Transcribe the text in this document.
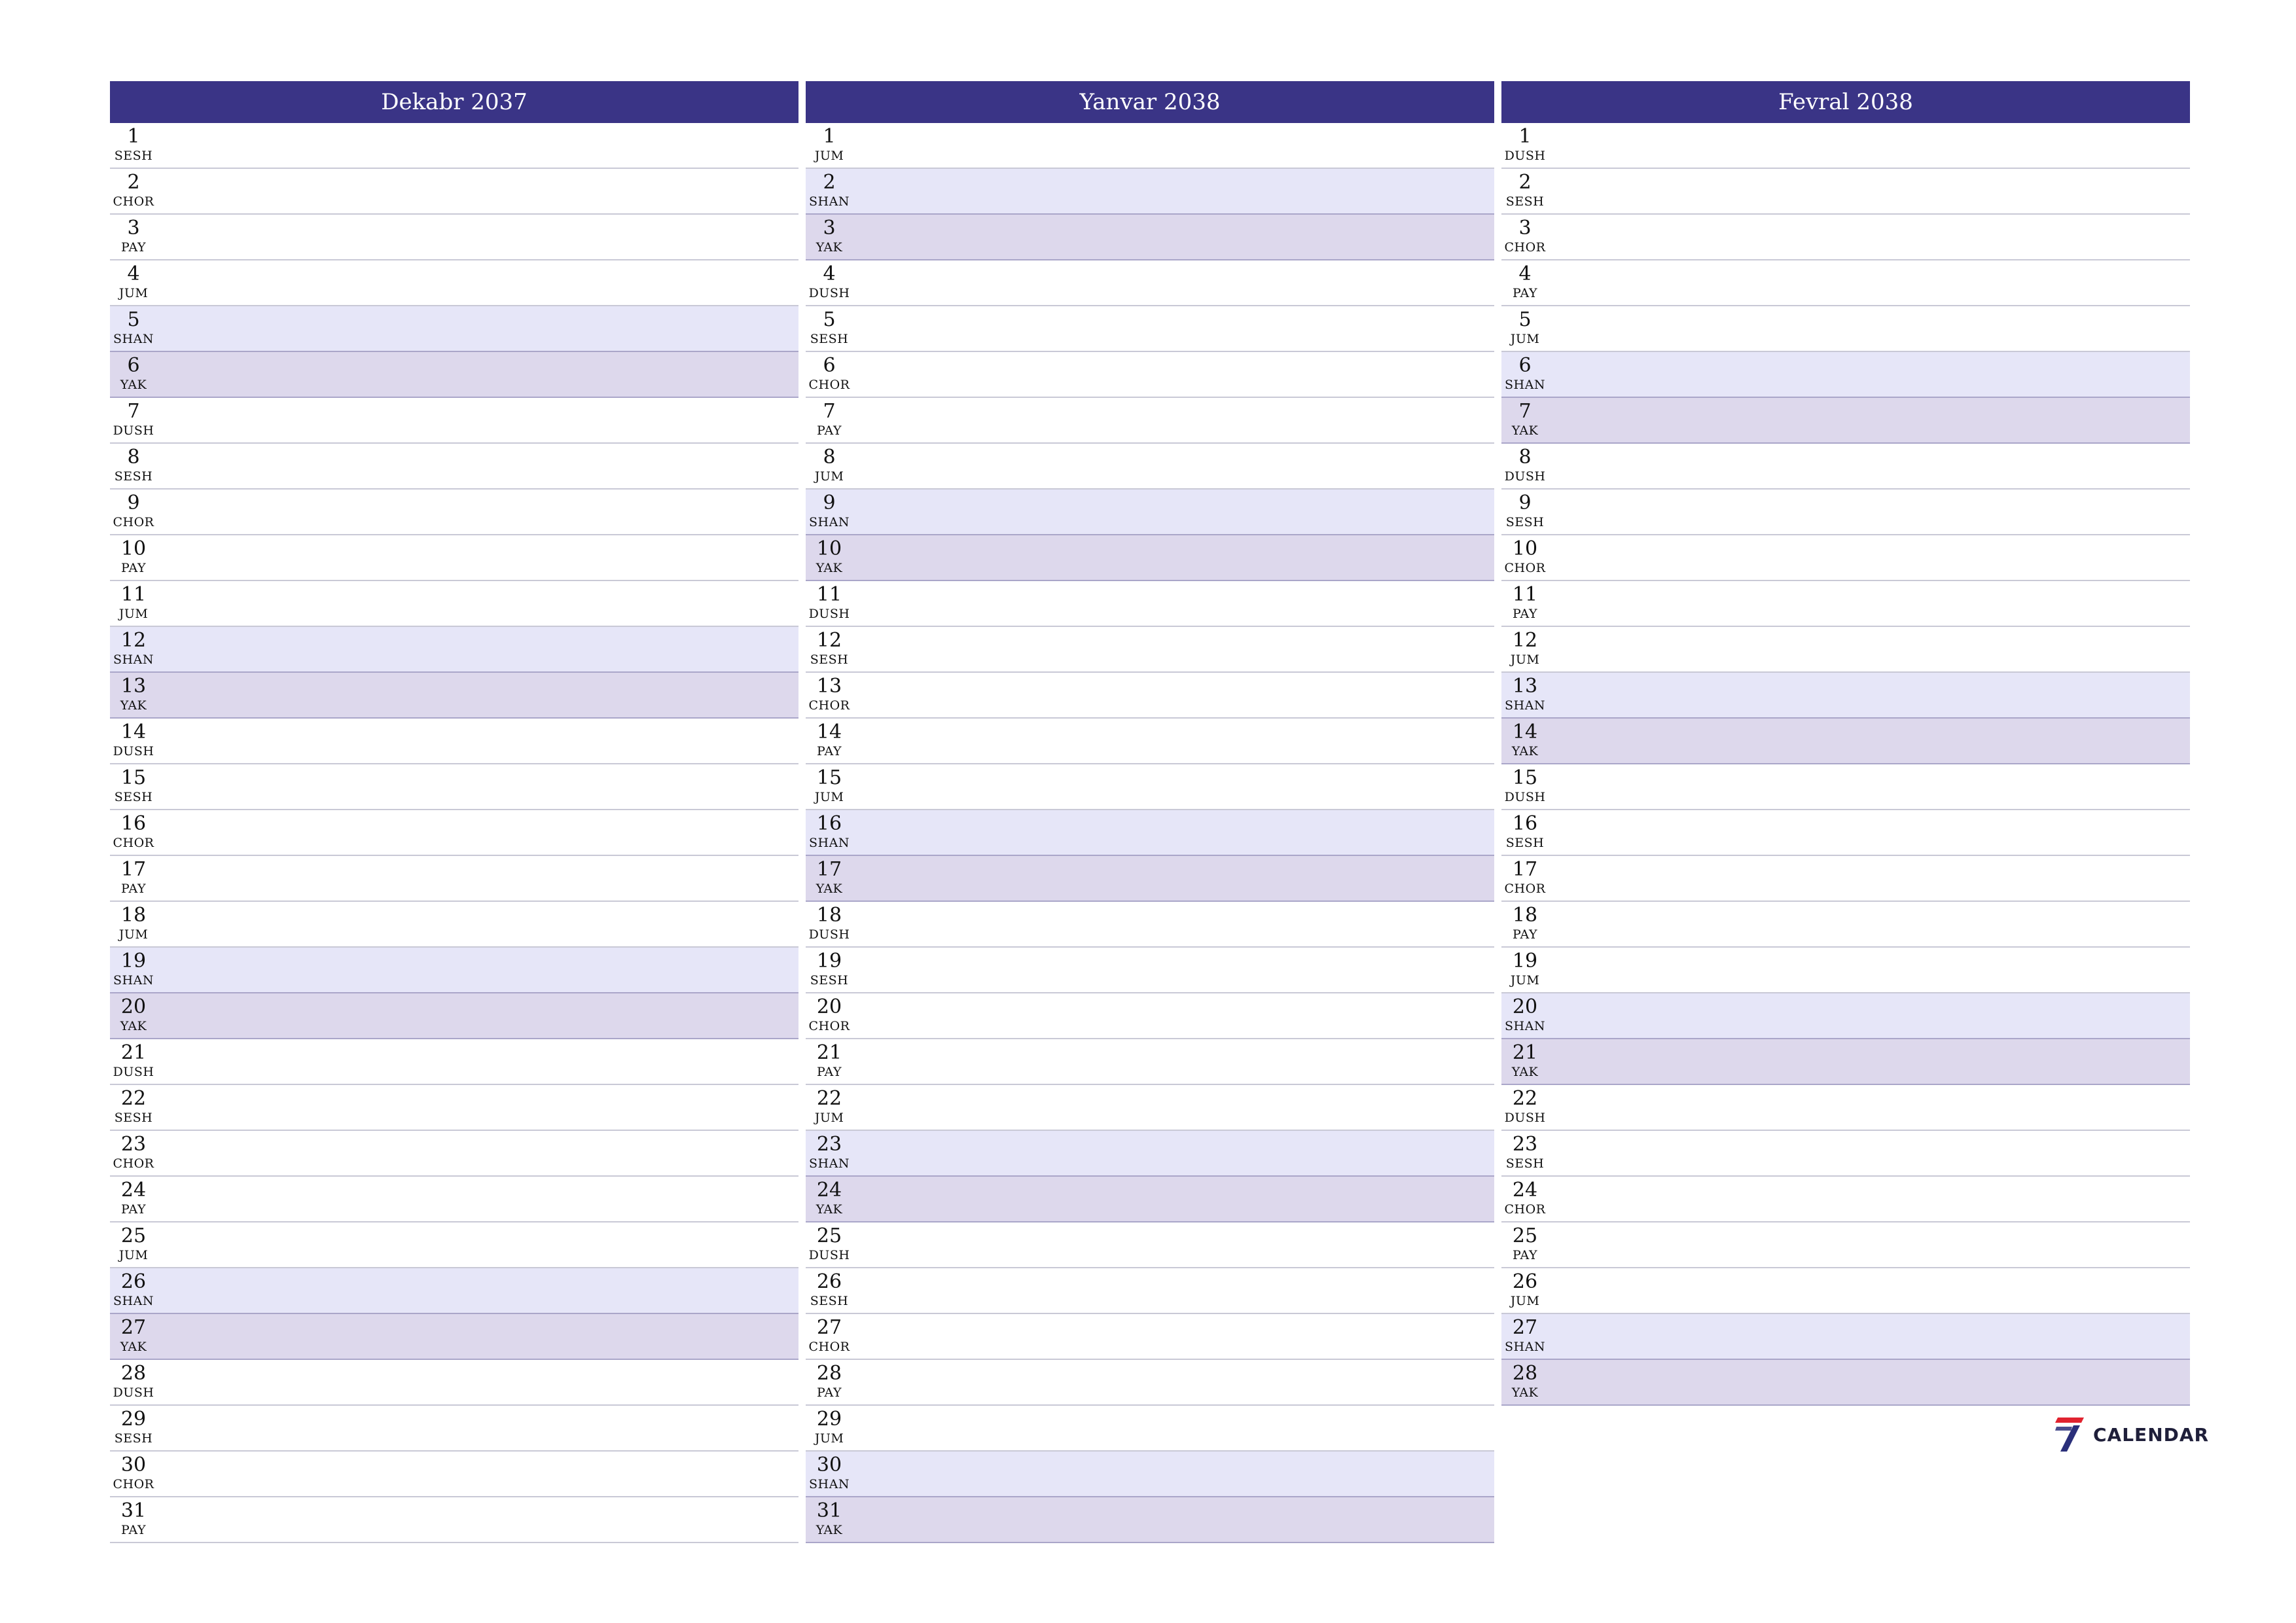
Dekabr 2037
1
SESH
2
CHOR
3
PAY
4
JUM
5
SHAN
6
YAK
7
DUSH
8
SESH
9
CHOR
10
PAY
11
JUM
12
SHAN
13
YAK
14
DUSH
15
SESH
16
CHOR
17
PAY
18
JUM
19
SHAN
20
YAK
21
DUSH
22
SESH
23
CHOR
24
PAY
25
JUM
26
SHAN
27
YAK
28
DUSH
29
SESH
30
CHOR
31
PAY
Yanvar 2038
1
JUM
2
SHAN
3
YAK
4
DUSH
5
SESH
6
CHOR
7
PAY
8
JUM
9
SHAN
10
YAK
11
DUSH
12
SESH
13
CHOR
14
PAY
15
JUM
16
SHAN
17
YAK
18
DUSH
19
SESH
20
CHOR
21
PAY
22
JUM
23
SHAN
24
YAK
25
DUSH
26
SESH
27
CHOR
28
PAY
29
JUM
30
SHAN
31
YAK
Fevral 2038
1
DUSH
2
SESH
3
CHOR
4
PAY
5
JUM
6
SHAN
7
YAK
8
DUSH
9
SESH
10
CHOR
11
PAY
12
JUM
13
SHAN
14
YAK
15
DUSH
16
SESH
17
CHOR
18
PAY
19
JUM
20
SHAN
21
YAK
22
DUSH
23
SESH
24
CHOR
25
PAY
26
JUM
27
SHAN
28
YAK
CALENDAR
